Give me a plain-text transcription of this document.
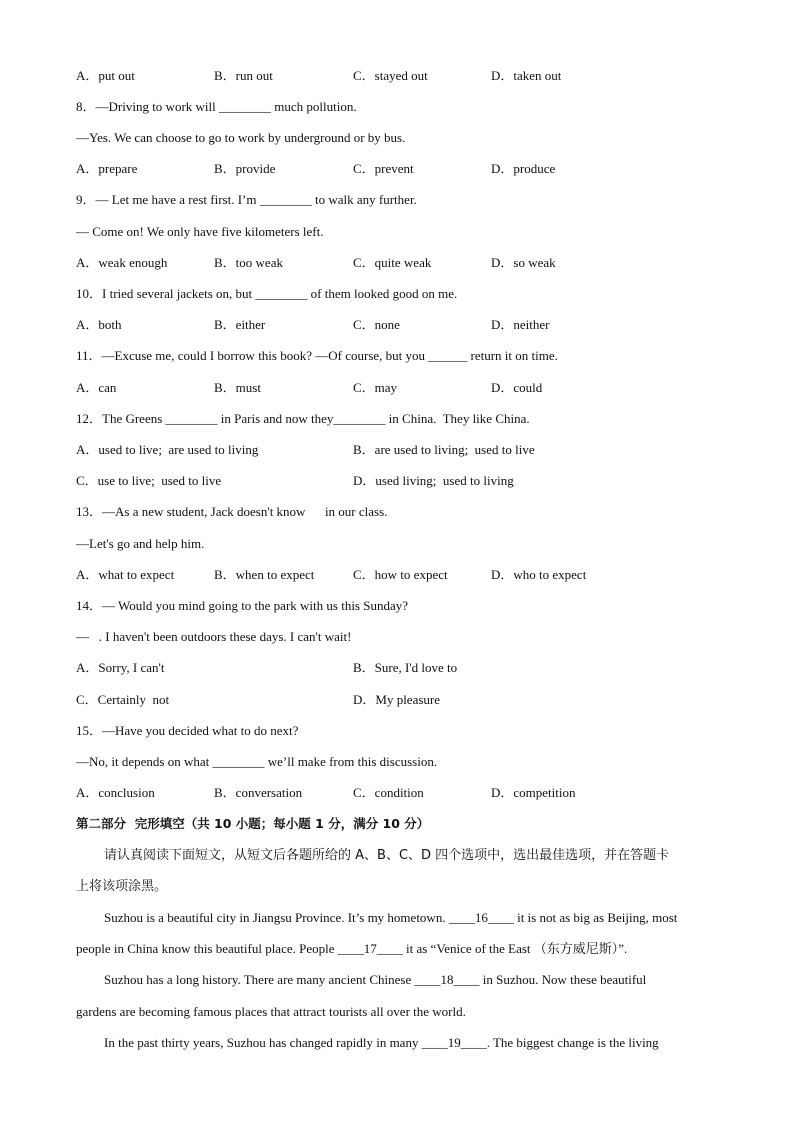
A．put out	B．run out	C．stayed out	D．taken out
8．—Driving to work will ________ much pollution.
—Yes. We can choose to go to work by underground or by bus.
A．prepare	B．provide	C．prevent	D．produce
9．— Let me have a rest first. I’m ________ to walk any further.
— Come on! We only have five kilometers left.
A．weak enough	B．too weak	C．quite weak	D．so weak
10．I tried several jackets on, but ________ of them looked good on me.
A．both	B．either	C．none	D．neither
11．—Excuse me, could I borrow this book? —Of course, but you ______ return it on time.
A．can	B．must	C．may	D．could
12．The Greens ________ in Paris and now they________ in China.  They like China.
A．used to live;  are used to living	B．are used to living;  used to live
C．use to live;  used to live	D．used living;  used to living
13．—As a new student, Jack doesn't know      in our class.
—Let's go and help him.
A．what to expect	B．when to expect	C．how to expect	D．who to expect
14．— Would you mind going to the park with us this Sunday?
—   . I haven't been outdoors these days. I can't wait!
A．Sorry, I can't	B．Sure, I'd love to
C．Certainly  not	D．My pleasure
15．—Have you decided what to do next?
—No, it depends on what ________ we’ll make from this discussion.
A．conclusion	B．conversation	C．condition	D．competition
第二部分  完形填空（共 10 小题；每小题 1 分，满分 10 分）
请认真阅读下面短文，从短文后各题所给的 A、B、C、D 四个选项中，选出最佳选项，并在答题卡
上将该项涂黑。
Suzhou is a beautiful city in Jiangsu Province. It’s my hometown. ____16____ it is not as big as Beijing, most
people in China know this beautiful place. People ____17____ it as “Venice of the East （东方威尼斯）”.
Suzhou has a long history. There are many ancient Chinese ____18____ in Suzhou. Now these beautiful
gardens are becoming famous places that attract tourists all over the world.
In the past thirty years, Suzhou has changed rapidly in many ____19____. The biggest change is the living
